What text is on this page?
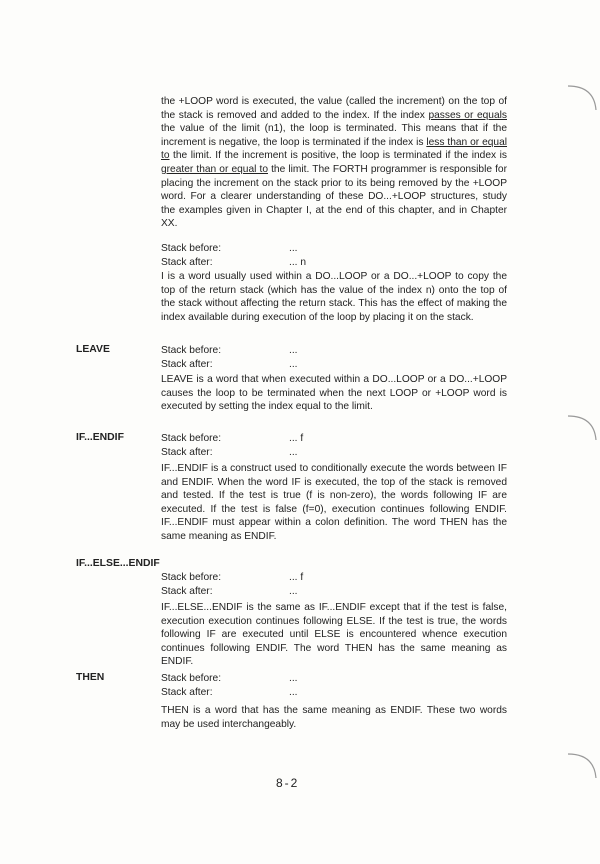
the +LOOP word is executed, the value (called the increment) on the top of the stack is removed and added to the index. If the index passes or equals the value of the limit (n1), the loop is terminated. This means that if the increment is negative, the loop is terminated if the index is less than or equal to the limit. If the increment is positive, the loop is terminated if the index is greater than or equal to the limit. The FORTH programmer is responsible for placing the increment on the stack prior to its being removed by the +LOOP word. For a clearer understanding of these DO...+LOOP structures, study the examples given in Chapter I, at the end of this chapter, and in Chapter XX.

Stack before:	...
Stack after:	... n

I is a word usually used within a DO...LOOP or a DO...+LOOP to copy the top of the return stack (which has the value of the index n) onto the top of the stack without affecting the return stack. This has the effect of making the index available during execution of the loop by placing it on the stack.

LEAVE	Stack before:	...
Stack after:	...

LEAVE is a word that when executed within a DO...LOOP or a DO...+LOOP causes the loop to be terminated when the next LOOP or +LOOP word is executed by setting the index equal to the limit.

IF...ENDIF	Stack before:	... f
Stack after:	...

IF...ENDIF is a construct used to conditionally execute the words between IF and ENDIF. When the word IF is executed, the top of the stack is removed and tested. If the test is true (f is non-zero), the words following IF are executed. If the test is false (f=0), execution continues following ENDIF. IF...ENDIF must appear within a colon definition. The word THEN has the same meaning as ENDIF.

IF...ELSE...ENDIF
Stack before:	... f
Stack after:	...

IF...ELSE...ENDIF is the same as IF...ENDIF except that if the test is false, execution execution continues following ELSE. If the test is true, the words following IF are executed until ELSE is encountered whence execution continues following ENDIF. The word THEN has the same meaning as ENDIF.

THEN	Stack before:	...
Stack after:	...

THEN is a word that has the same meaning as ENDIF. These two words may be used interchangeably.

8-2
